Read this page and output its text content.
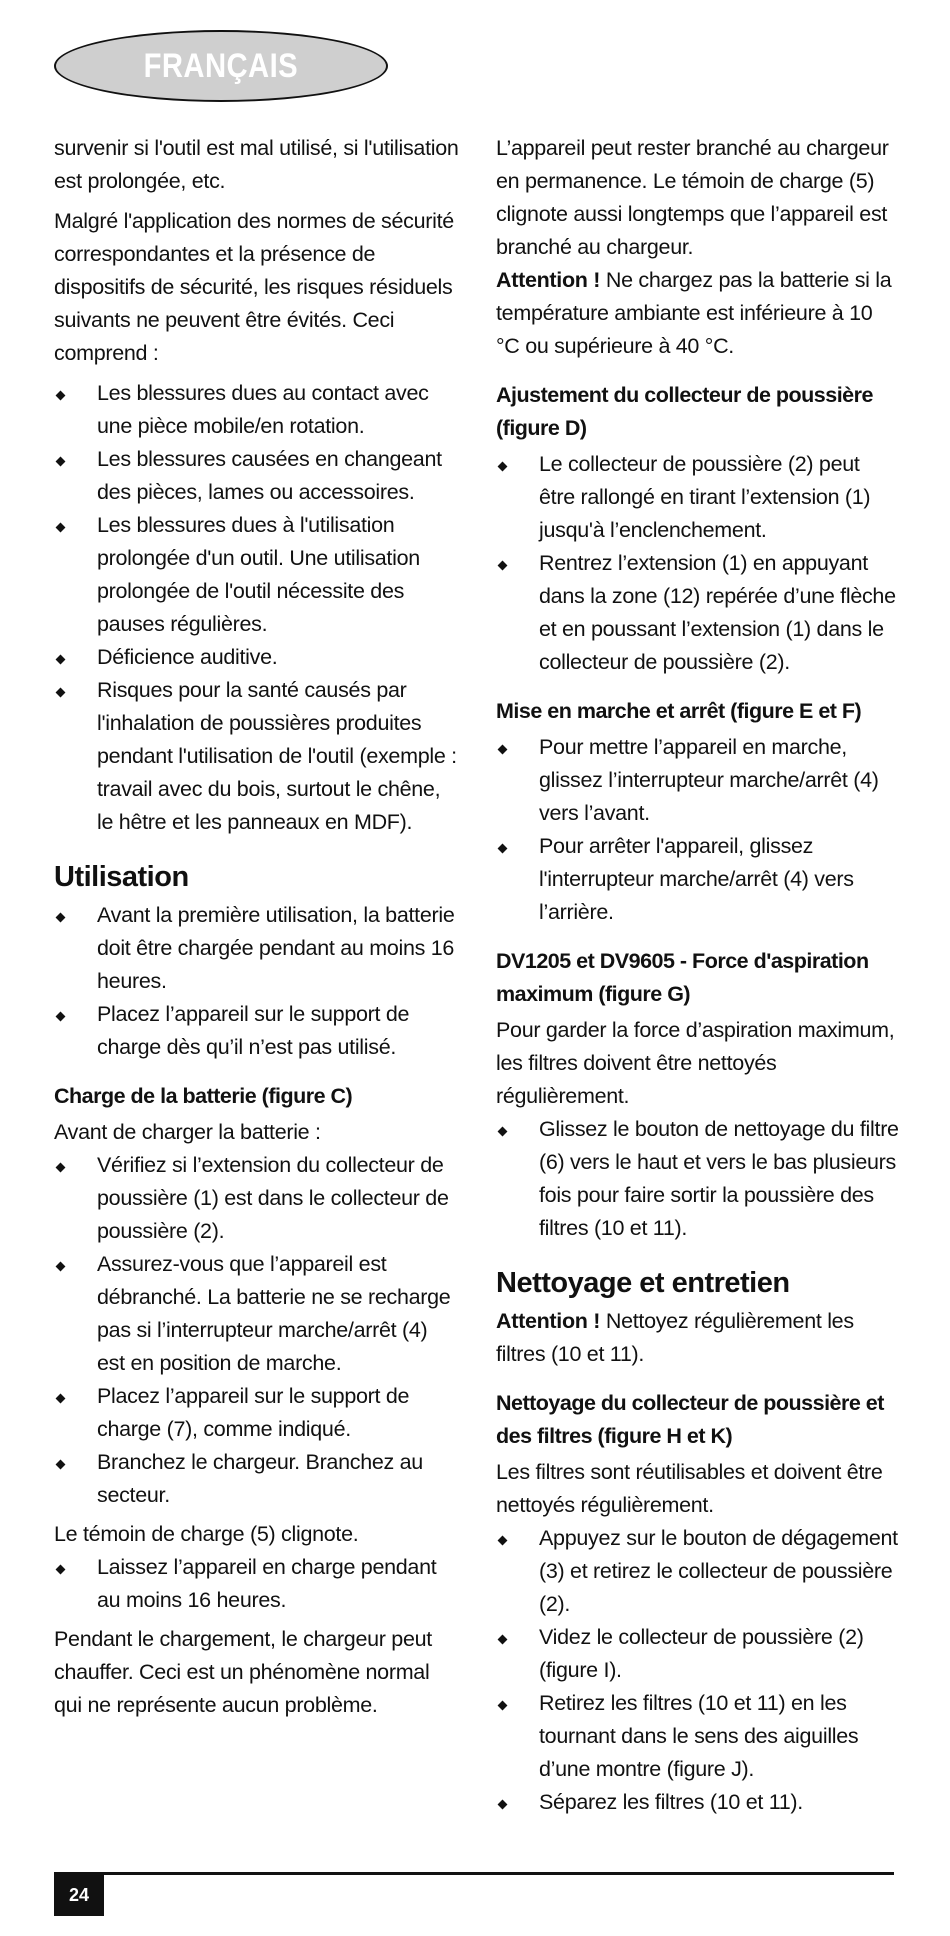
FRANÇAIS

survenir si l'outil est mal utilisé, si l'utilisation est prolongée, etc.

Malgré l'application des normes de sécurité correspondantes et la présence de dispositifs de sécurité, les risques résiduels suivants ne peuvent être évités. Ceci comprend :

Les blessures dues au contact avec une pièce mobile/en rotation.
Les blessures causées en changeant des pièces, lames ou accessoires.
Les blessures dues à l'utilisation prolongée d'un outil. Une utilisation prolongée de l'outil nécessite des pauses régulières.
Déficience auditive.
Risques pour la santé causés par l'inhalation de poussières produites pendant l'utilisation de l'outil (exemple : travail avec du bois, surtout le chêne, le hêtre et les panneaux en MDF).
Utilisation
Avant la première utilisation, la batterie doit être chargée pendant au moins 16 heures.
Placez l’appareil sur le support de charge dès qu’il n’est pas utilisé.
Charge de la batterie (figure C)

Avant de charger la batterie :

Vérifiez si l’extension du collecteur de poussière (1) est dans le collecteur de poussière (2).
Assurez-vous que l’appareil est débranché. La batterie ne se recharge pas si l’interrupteur marche/arrêt (4) est en position de marche.
Placez l’appareil sur le support de charge (7), comme indiqué.
Branchez le chargeur. Branchez au secteur.

Le témoin de charge (5) clignote.

Laissez l’appareil en charge pendant au moins 16 heures.

Pendant le chargement, le chargeur peut chauffer. Ceci est un phénomène normal qui ne représente aucun problème.

L’appareil peut rester branché au chargeur en permanence. Le témoin de charge (5) clignote aussi longtemps que l’appareil est branché au chargeur.

Attention ! Ne chargez pas la batterie si la température ambiante est inférieure à 10 °C ou supérieure à 40 °C.

Ajustement du collecteur de poussière (figure D)
Le collecteur de poussière (2) peut être rallongé en tirant l’extension (1) jusqu'à l’enclenchement.
Rentrez l’extension (1) en appuyant dans la zone (12) repérée d’une flèche et en poussant l’extension (1) dans le collecteur de poussière (2).
Mise en marche et arrêt (figure E et F)
Pour mettre l’appareil en marche, glissez l’interrupteur marche/arrêt (4) vers l’avant.
Pour arrêter l'appareil, glissez l'interrupteur marche/arrêt (4) vers l’arrière.
DV1205 et DV9605 - Force d'aspiration maximum (figure G)

Pour garder la force d’aspiration maximum, les filtres doivent être nettoyés régulièrement.

Glissez le bouton de nettoyage du filtre (6) vers le haut et vers le bas plusieurs fois pour faire sortir la poussière des filtres (10 et 11).
Nettoyage et entretien

Attention ! Nettoyez régulièrement les filtres (10 et 11).

Nettoyage du collecteur de poussière et des filtres (figure H et K)

Les filtres sont réutilisables et doivent être nettoyés régulièrement.

Appuyez sur le bouton de dégagement (3) et retirez le collecteur de poussière (2).
Videz le collecteur de poussière (2) (figure I).
Retirez les filtres (10 et 11) en les tournant dans le sens des aiguilles d’une montre (figure J).
Séparez les filtres (10 et 11).
24
